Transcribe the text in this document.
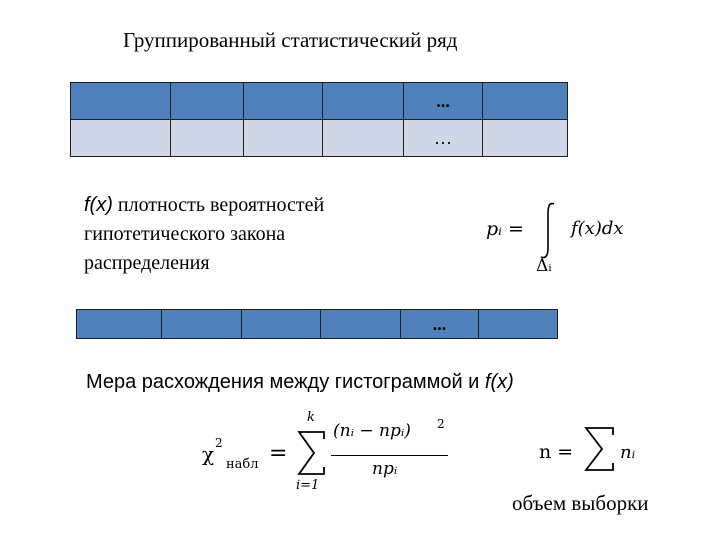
Группированный статистический ряд
				...	
				…	
f(x) плотность вероятностей гипотетического закона распределения
pᵢ =	f(x)dx
Δᵢ
				...	
Мера расхождения между гистограммой и f(x)
χ 2
набл =
k
i=1
(nᵢ − npᵢ) 2
npᵢ
n =	nᵢ
объем выборки
